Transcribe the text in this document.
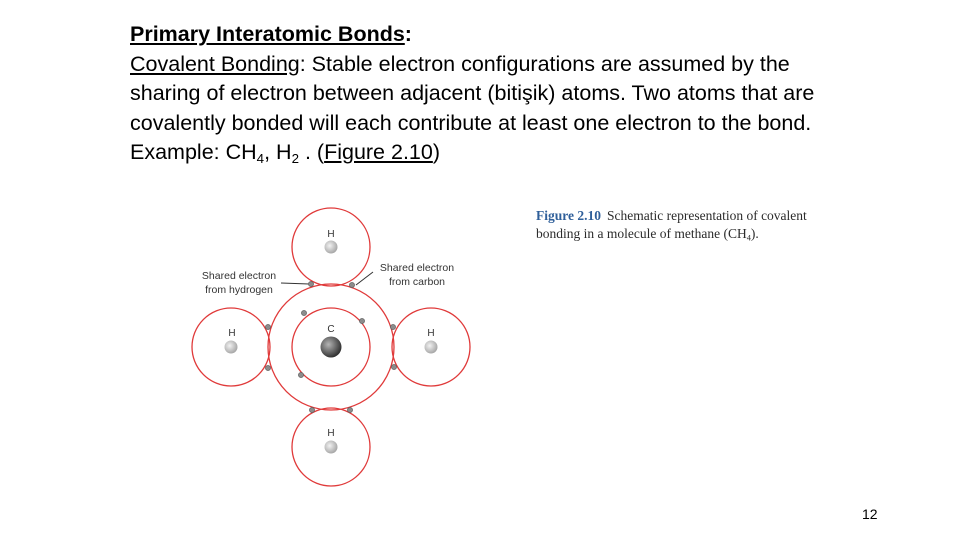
Primary Interatomic Bonds:

Covalent Bonding: Stable electron configurations are assumed by the sharing of electron between adjacent (bitişik) atoms. Two atoms that are covalently bonded will each contribute at least one electron to the bond. Example: $CH_4$, $H_2$ . (Figure 2.10)

H
H	C	H
H
Shared electron
from hydrogen
Shared electron
from carbon
Figure 2.10 Schematic representation of covalent bonding in a molecule of methane $(CH_4)$.
12
